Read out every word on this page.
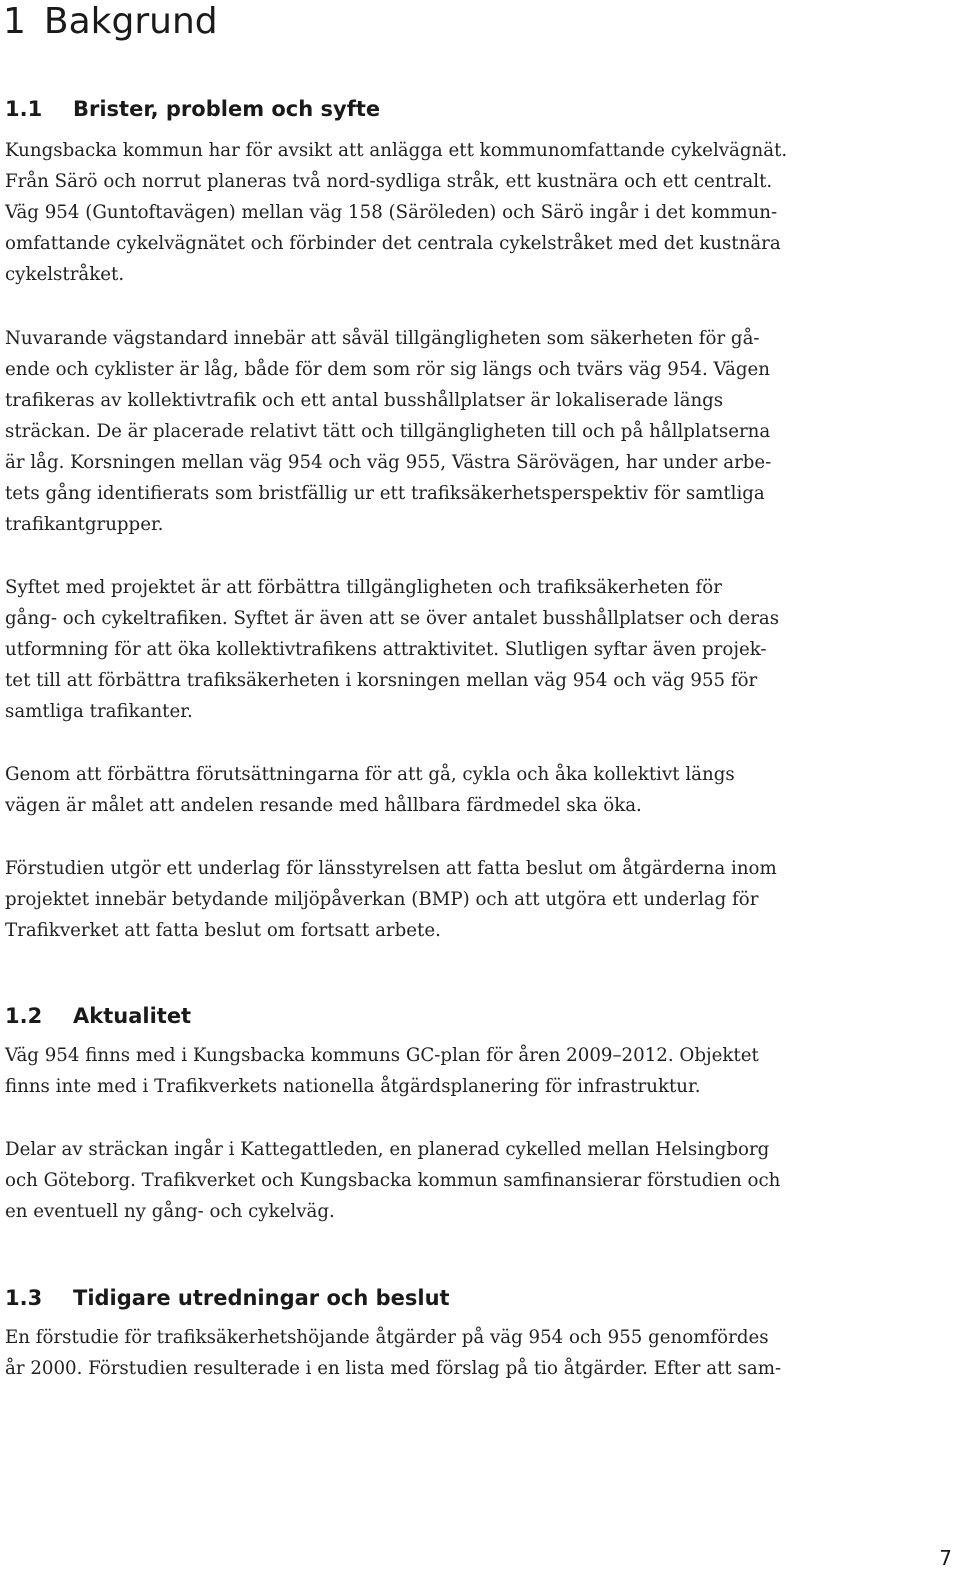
1 Bakgrund
1.1 Brister, problem och syfte

Kungsbacka kommun har för avsikt att anlägga ett kommunomfattande cykelvägnät.
Från Särö och norrut planeras två nord-sydliga stråk, ett kustnära och ett centralt.
Väg 954 (Guntoftavägen) mellan väg 158 (Säröleden) och Särö ingår i det kommun-
omfattande cykelvägnätet och förbinder det centrala cykelstråket med det kustnära
cykelstråket.

Nuvarande vägstandard innebär att såväl tillgängligheten som säkerheten för gå-
ende och cyklister är låg, både för dem som rör sig längs och tvärs väg 954. Vägen
trafikeras av kollektivtrafik och ett antal busshållplatser är lokaliserade längs
sträckan. De är placerade relativt tätt och tillgängligheten till och på hållplatserna
är låg. Korsningen mellan väg 954 och väg 955, Västra Särövägen, har under arbe-
tets gång identifierats som bristfällig ur ett trafiksäkerhetsperspektiv för samtliga
trafikantgrupper.

Syftet med projektet är att förbättra tillgängligheten och trafiksäkerheten för
gång- och cykeltrafiken. Syftet är även att se över antalet busshållplatser och deras
utformning för att öka kollektivtrafikens attraktivitet. Slutligen syftar även projek-
tet till att förbättra trafiksäkerheten i korsningen mellan väg 954 och väg 955 för
samtliga trafikanter.

Genom att förbättra förutsättningarna för att gå, cykla och åka kollektivt längs
vägen är målet att andelen resande med hållbara färdmedel ska öka.

Förstudien utgör ett underlag för länsstyrelsen att fatta beslut om åtgärderna inom
projektet innebär betydande miljöpåverkan (BMP) och att utgöra ett underlag för
Trafikverket att fatta beslut om fortsatt arbete.

1.2 Aktualitet

Väg 954 finns med i Kungsbacka kommuns GC-plan för åren 2009–2012. Objektet
finns inte med i Trafikverkets nationella åtgärdsplanering för infrastruktur.

Delar av sträckan ingår i Kattegattleden, en planerad cykelled mellan Helsingborg
och Göteborg. Trafikverket och Kungsbacka kommun samfinansierar förstudien och
en eventuell ny gång- och cykelväg.

1.3 Tidigare utredningar och beslut

En förstudie för trafiksäkerhetshöjande åtgärder på väg 954 och 955 genomfördes
år 2000. Förstudien resulterade i en lista med förslag på tio åtgärder. Efter att sam-

7
